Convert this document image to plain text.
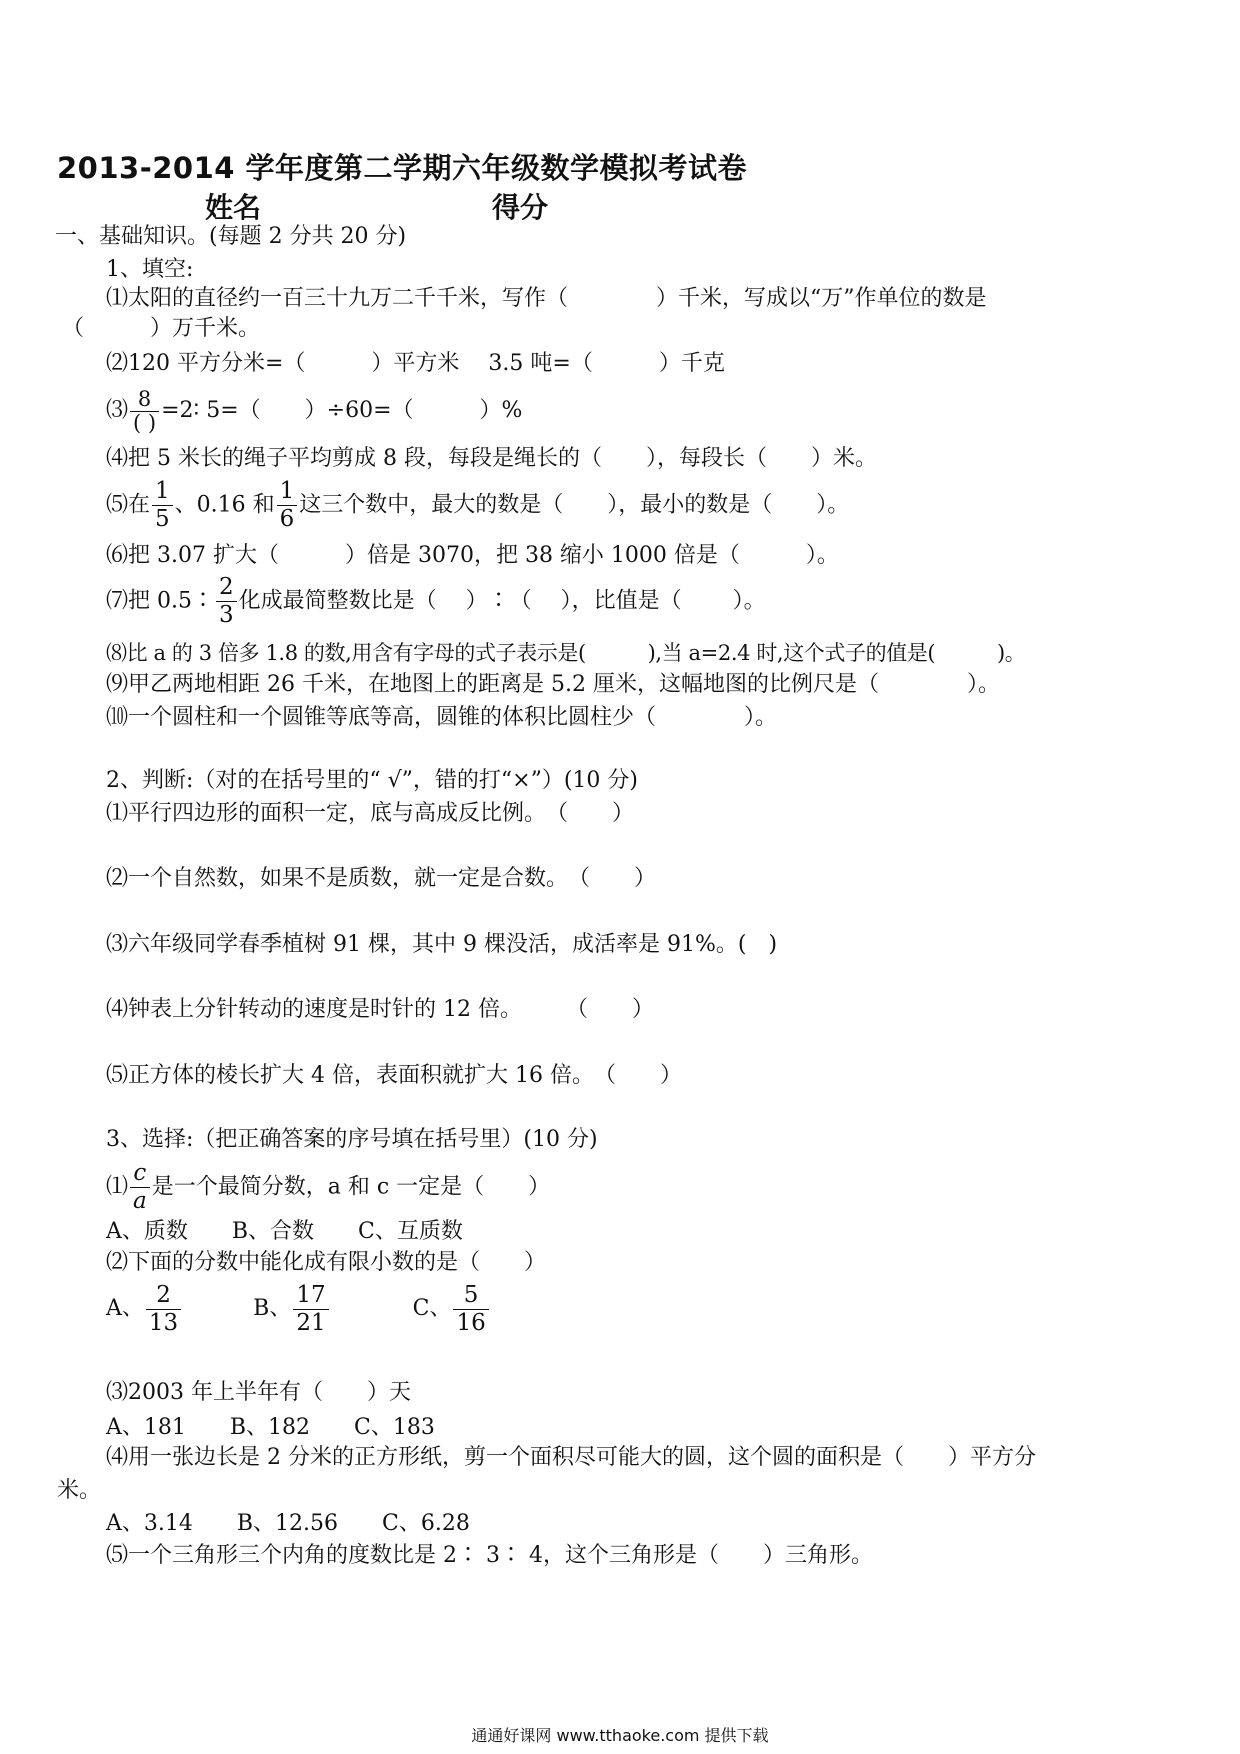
2013-2014 学年度第二学期六年级数学模拟考试卷
姓名	得分
一、基础知识。(每题 2 分共 20 分)
1、填空:
⑴太阳的直径约一百三十九万二千千米，写作（　　　　）千米，写成以“万”作单位的数是
（　　　）万千米。
⑵120 平方分米=（　　　）平方米　 3.5 吨=（　　　）千克
⑶ $\frac{8}{( )}$ =2∶ 5=（　　）÷60=（　　　）%
⑷把 5 米长的绳子平均剪成 8 段，每段是绳长的（　　），每段长（　　）米。
⑸在 $\frac{1}{5}$ 、0.16 和 $\frac{1}{6}$ 这三个数中，最大的数是（　　），最小的数是（　　）。
⑹把 3.07 扩大（　　　）倍是 3070，把 38 缩小 1000 倍是（　　　）。
⑺把 0.5∶ $\frac{2}{3}$ 化成最简整数比是（　 ）∶（　 ），比值是（　　 ）。
⑻比 a 的 3 倍多 1.8 的数,用含有字母的式子表示是(　　　),当 a=2.4 时,这个式子的值是(　　　)。
⑼甲乙两地相距 26 千米，在地图上的距离是 5.2 厘米，这幅地图的比例尺是（　　　　）。
⑽一个圆柱和一个圆锥等底等高，圆锥的体积比圆柱少（　　　　）。
2、判断:（对的在括号里的“ √”，错的打“×”）(10 分)
⑴平行四边形的面积一定，底与高成反比例。　（　　）
⑵一个自然数，如果不是质数，就一定是合数。　（　　）
⑶六年级同学春季植树 91 棵，其中 9 棵没活，成活率是 91%。(　)
⑷钟表上分针转动的速度是时针的 12 倍。　　　（　　）
⑸正方体的棱长扩大 4 倍，表面积就扩大 16 倍。　（　　）
3、选择:（把正确答案的序号填在括号里）(10 分)
⑴ $\frac{c}{a}$ 是一个最简分数，a 和 c 一定是（　　）
A、质数　　B、合数　　C、互质数
⑵下面的分数中能化成有限小数的是（　　）
A、 $\frac{2}{13}$	B、 $\frac{17}{21}$	C、 $\frac{5}{16}$
⑶2003 年上半年有（　　）天
A、181　　B、182　　C、183
⑷用一张边长是 2 分米的正方形纸，剪一个面积尽可能大的圆，这个圆的面积是（　　）平方分
米。
A、3.14　　B、12.56　　C、6.28
⑸一个三角形三个内角的度数比是 2∶ 3∶ 4，这个三角形是（　　）三角形。
通通好课网 www.tthaoke.com 提供下载
